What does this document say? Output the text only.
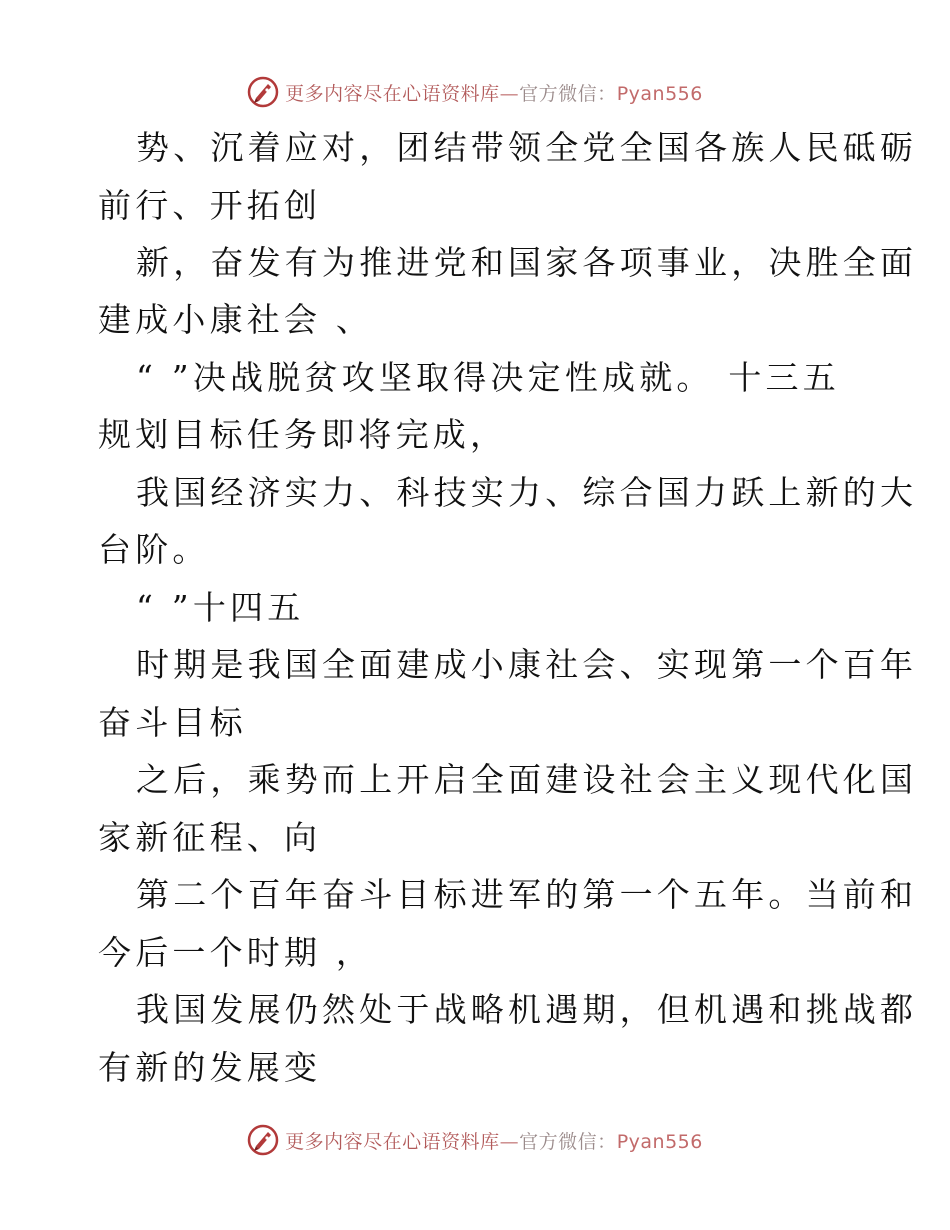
更多内容尽在心语资料库—官方微信：Pyan556
势、沉着应对，团结带领全党全国各族人民砥砺
前行、开拓创
新，奋发有为推进党和国家各项事业，决胜全面
建成小康社会 、
“ ”决战脱贫攻坚取得决定性成就。 十三五
规划目标任务即将完成，
我国经济实力、科技实力、综合国力跃上新的大
台阶。
“ ”十四五
时期是我国全面建成小康社会、实现第一个百年
奋斗目标
之后，乘势而上开启全面建设社会主义现代化国
家新征程、向
第二个百年奋斗目标进军的第一个五年。当前和
今后一个时期 ，
我国发展仍然处于战略机遇期，但机遇和挑战都
有新的发展变
更多内容尽在心语资料库—官方微信：Pyan556
